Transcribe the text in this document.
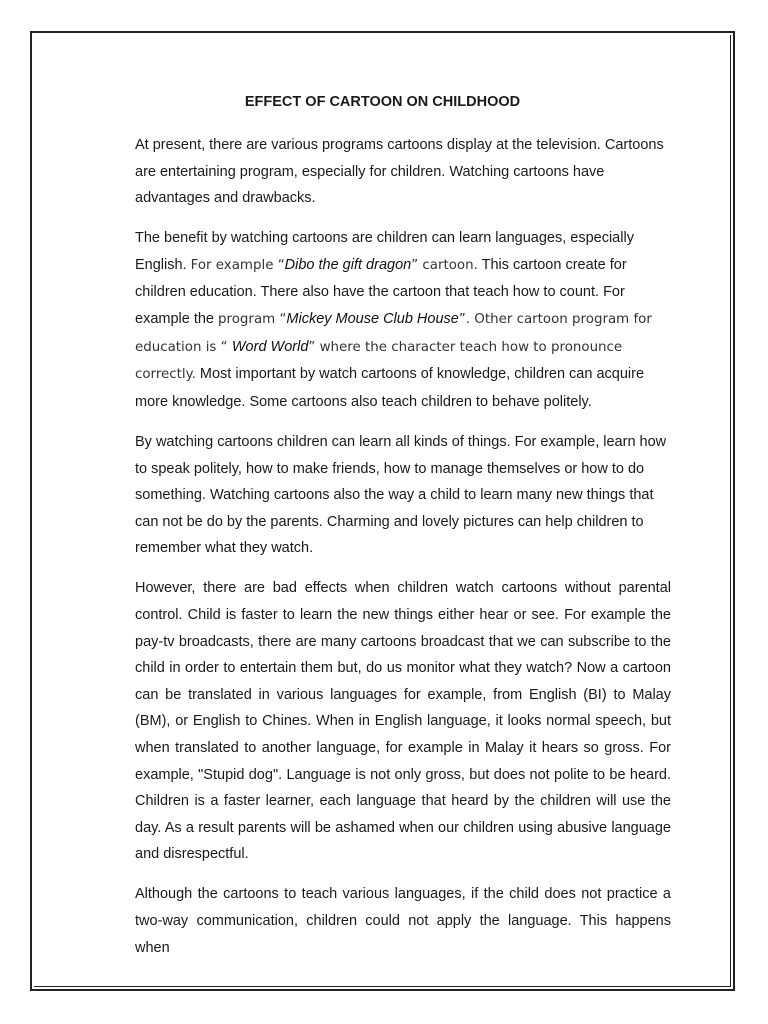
EFFECT OF CARTOON ON CHILDHOOD

At present, there are various programs cartoons display at the television. Cartoons are entertaining program, especially for children. Watching cartoons have advantages and drawbacks.

The benefit by watching cartoons are children can learn languages, especially English. For example “Dibo the gift dragon” cartoon. This cartoon create for children education. There also have the cartoon that teach how to count. For example the program “Mickey Mouse Club House”. Other cartoon program for education is “ Word World” where the character teach how to pronounce correctly. Most important by watch cartoons of knowledge, children can acquire more knowledge. Some cartoons also teach children to behave politely.

By watching cartoons children can learn all kinds of things. For example, learn how to speak politely, how to make friends, how to manage themselves or how to do something. Watching cartoons also the way a child to learn many new things that can not be do by the parents. Charming and lovely pictures can help children to remember what they watch.

However, there are bad effects when children watch cartoons without parental control. Child is faster to learn the new things either hear or see. For example the pay-tv broadcasts, there are many cartoons broadcast that we can subscribe to the child in order to entertain them but, do us monitor what they watch? Now a cartoon can be translated in various languages for example, from English (BI) to Malay (BM), or English to Chines. When in English language, it looks normal speech, but when translated to another language, for example in Malay it hears so gross. For example, "Stupid dog". Language is not only gross, but does not polite to be heard. Children is a faster learner, each language that heard by the children will use the day. As a result parents will be ashamed when our children using abusive language and disrespectful.

Although the cartoons to teach various languages, if the child does not practice a two-way communication, children could not apply the language. This happens when
